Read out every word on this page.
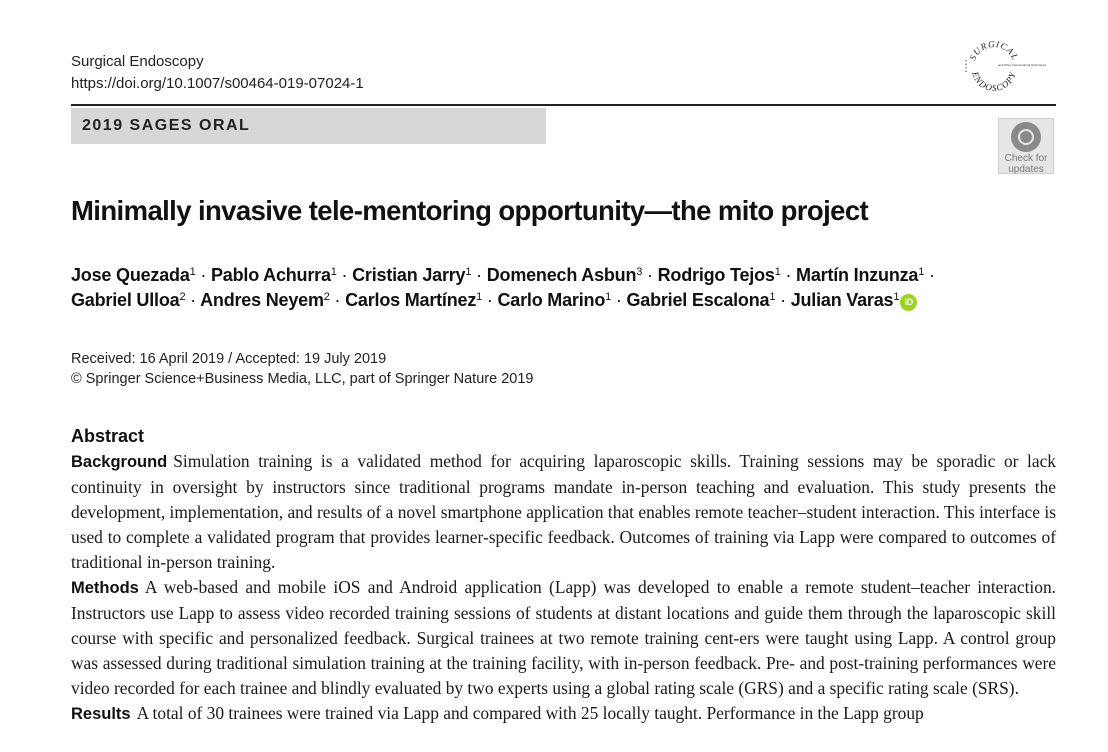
Surgical Endoscopy
https://doi.org/10.1007/s00464-019-07024-1
SURGICAL
ENDOSCOPY
and Other Interventional Techniques
2019 SAGES ORAL
Check for
updates
Minimally invasive tele-mentoring opportunity—the mito project
Jose Quezada$^1$ · Pablo Achurra$^1$ · Cristian Jarry$^1$ · Domenech Asbun$^3$ · Rodrigo Tejos$^1$ · Martín Inzunza$^1$ ·
Gabriel Ulloa$^2$ · Andres Neyem$^2$ · Carlos Martínez$^1$ · Carlo Marino$^1$ · Gabriel Escalona$^1$ · Julian Varas$^1$ iD
Received: 16 April 2019 / Accepted: 19 July 2019
© Springer Science+Business Media, LLC, part of Springer Nature 2019
Abstract

Background Simulation training is a validated method for acquiring laparoscopic skills. Training sessions may be sporadic or lack continuity in oversight by instructors since traditional programs mandate in-person teaching and evaluation. This study presents the development, implementation, and results of a novel smartphone application that enables remote teacher–student interaction. This interface is used to complete a validated program that provides learner-specific feedback. Outcomes of training via Lapp were compared to outcomes of traditional in-person training.

Methods A web-based and mobile iOS and Android application (Lapp) was developed to enable a remote student–teacher interaction. Instructors use Lapp to assess video recorded training sessions of students at distant locations and guide them through the laparoscopic skill course with specific and personalized feedback. Surgical trainees at two remote training cent-ers were taught using Lapp. A control group was assessed during traditional simulation training at the training facility, with in-person feedback. Pre- and post-training performances were video recorded for each trainee and blindly evaluated by two experts using a global rating scale (GRS) and a specific rating scale (SRS).

Results A total of 30 trainees were trained via Lapp and compared with 25 locally taught. Performance in the Lapp group
